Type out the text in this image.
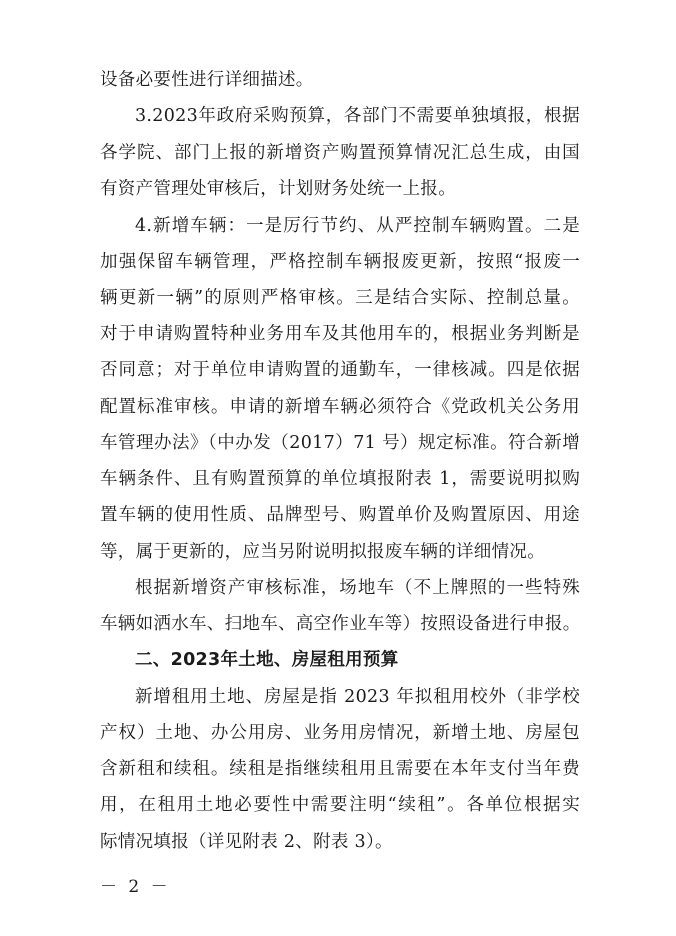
设备必要性进行详细描述。
3.2023年政府采购预算，各部门不需要单独填报，根据
各学院、部门上报的新增资产购置预算情况汇总生成，由国
有资产管理处审核后，计划财务处统一上报。
4.新增车辆：一是厉行节约、从严控制车辆购置。二是
加强保留车辆管理，严格控制车辆报废更新，按照“报废一
辆更新一辆”的原则严格审核。三是结合实际、控制总量。
对于申请购置特种业务用车及其他用车的，根据业务判断是
否同意；对于单位申请购置的通勤车，一律核减。四是依据
配置标准审核。申请的新增车辆必须符合《党政机关公务用
车管理办法》（中办发（2017）71 号）规定标准。符合新增
车辆条件、且有购置预算的单位填报附表 1，需要说明拟购
置车辆的使用性质、品牌型号、购置单价及购置原因、用途
等，属于更新的，应当另附说明拟报废车辆的详细情况。
根据新增资产审核标准，场地车（不上牌照的一些特殊
车辆如洒水车、扫地车、高空作业车等）按照设备进行申报。
二、2023年土地、房屋租用预算
新增租用土地、房屋是指 2023 年拟租用校外（非学校
产权）土地、办公用房、业务用房情况，新增土地、房屋包
含新租和续租。续租是指继续租用且需要在本年支付当年费
用，在租用土地必要性中需要注明“续租”。各单位根据实
际情况填报（详见附表 2、附表 3）。
－ 2 －
